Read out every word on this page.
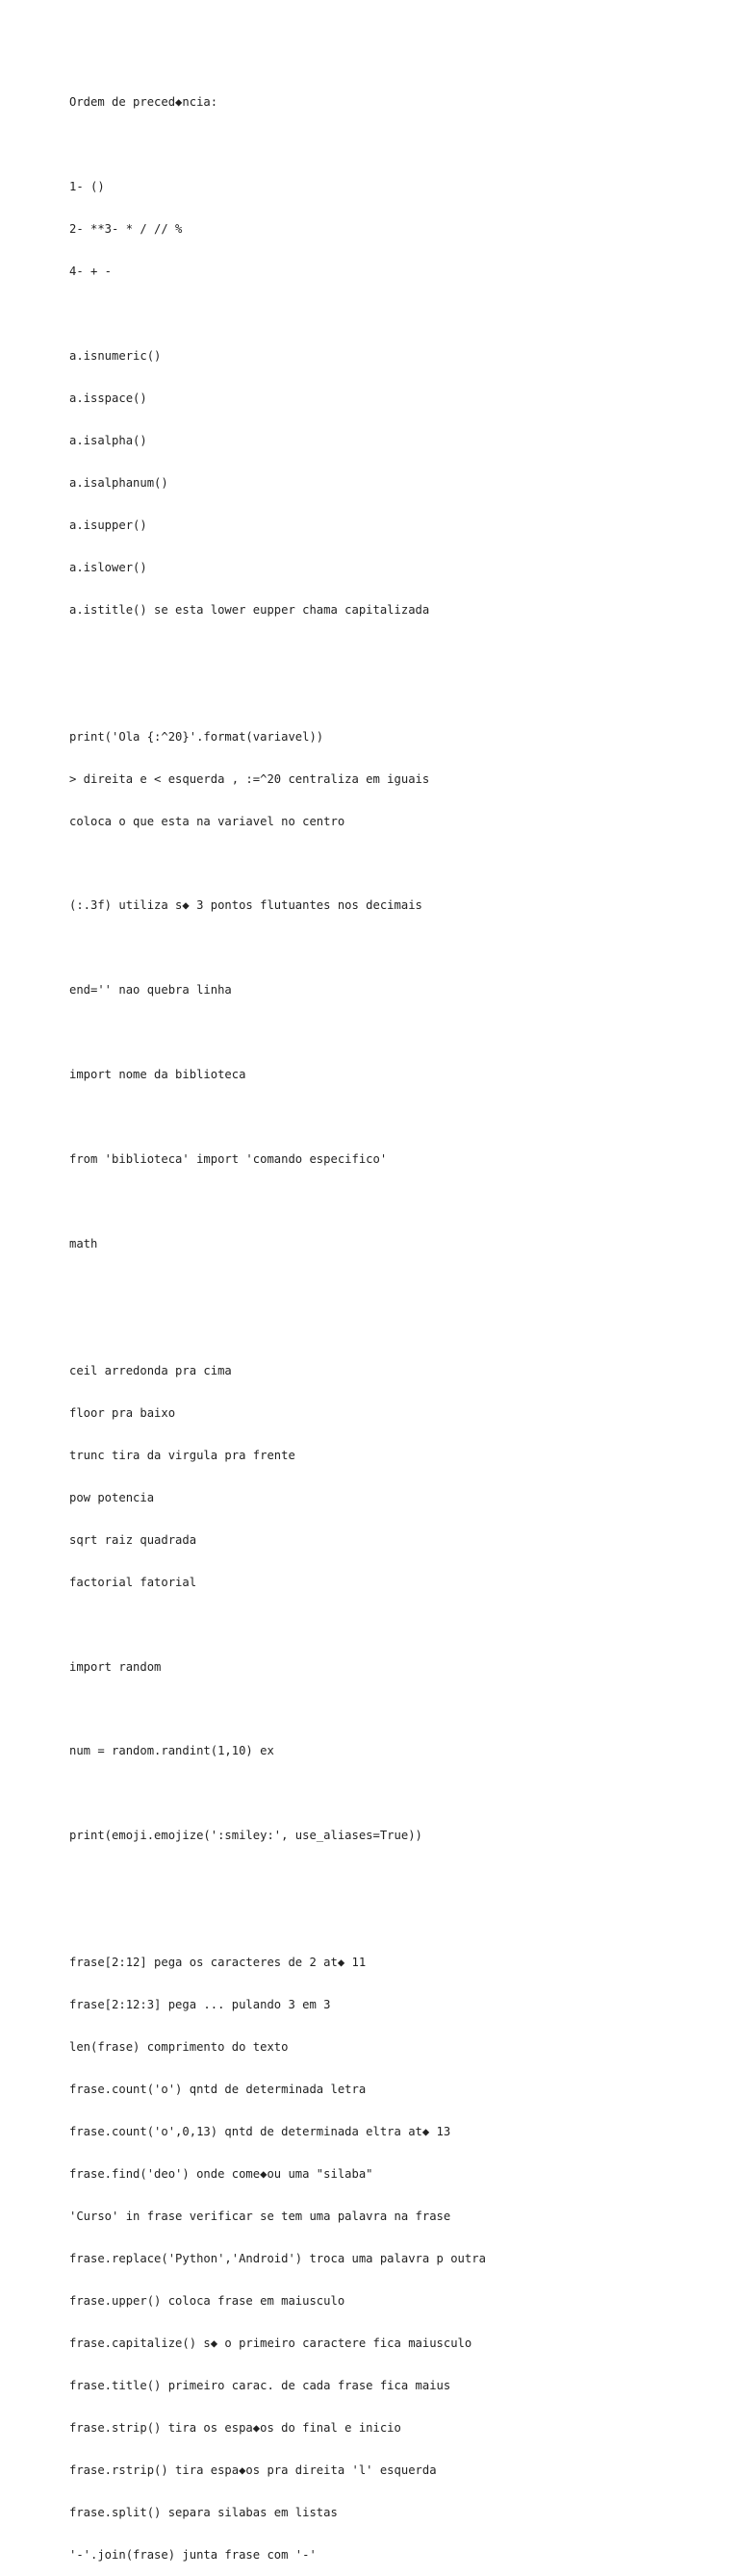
Ordem de preced◆ncia:

1- ()

2- **3- * / // %

4- + -

a.isnumeric()

a.isspace()

a.isalpha()

a.isalphanum()

a.isupper()

a.islower()

a.istitle() se esta lower eupper chama capitalizada

print('Ola {:^20}'.format(variavel))

> direita e < esquerda , :=^20 centraliza em iguais

coloca o que esta na variavel no centro

(:.3f) utiliza s◆ 3 pontos flutuantes nos decimais

end='' nao quebra linha

import nome da biblioteca

from 'biblioteca' import 'comando especifico'

math

ceil arredonda pra cima

floor pra baixo

trunc tira da virgula pra frente

pow potencia

sqrt raiz quadrada

factorial fatorial

import random

num = random.randint(1,10) ex

print(emoji.emojize(':smiley:', use_aliases=True))

frase[2:12] pega os caracteres de 2 at◆ 11

frase[2:12:3] pega ... pulando 3 em 3

len(frase) comprimento do texto

frase.count('o') qntd de determinada letra

frase.count('o',0,13) qntd de determinada eltra at◆ 13

frase.find('deo') onde come◆ou uma "silaba"

'Curso' in frase verificar se tem uma palavra na frase

frase.replace('Python','Android') troca uma palavra p outra

frase.upper() coloca frase em maiusculo

frase.capitalize() s◆ o primeiro caractere fica maiusculo

frase.title() primeiro carac. de cada frase fica maius

frase.strip() tira os espa◆os do final e inicio

frase.rstrip() tira espa◆os pra direita 'l' esquerda

frase.split() separa silabas em listas

'-'.join(frase) junta frase com '-'
